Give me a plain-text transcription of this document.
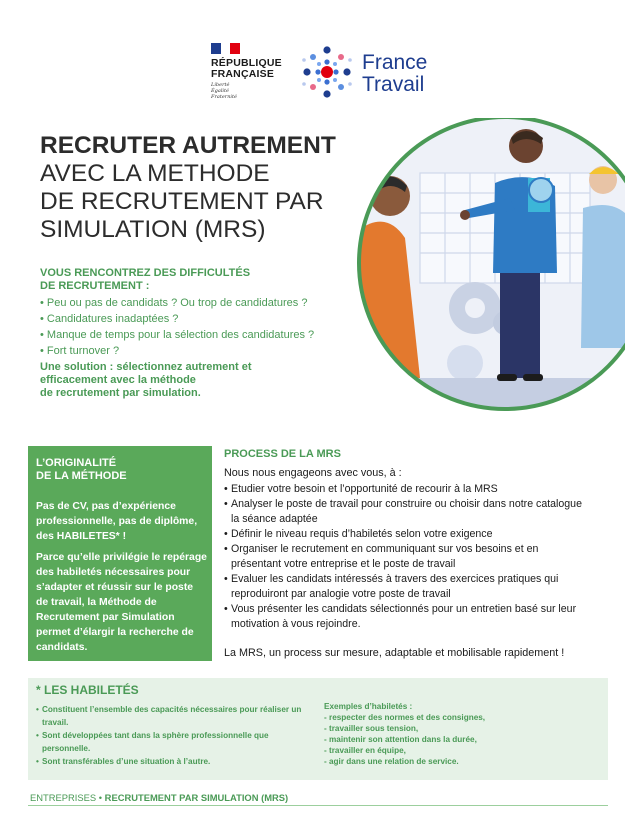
RÉPUBLIQUE
FRANÇAISE
Liberté
Égalité
Fraternité
France
Travail
RECRUTER AUTREMENT
AVEC LA METHODE
DE RECRUTEMENT PAR
SIMULATION (MRS)
VOUS RENCONTREZ DES DIFFICULTÉS
DE RECRUTEMENT :
• Peu ou pas de candidats ? Ou trop de candidatures ?
• Candidatures inadaptées ?
• Manque de temps pour la sélection des candidatures ?
• Fort turnover ?
Une solution : sélectionnez autrement et
efficacement avec la méthode
de recrutement par simulation.
L’ORIGINALITÉ
DE LA MÉTHODE
Pas de CV, pas d’expérience professionnelle, pas de diplôme, des HABILETES* !
Parce qu’elle privilégie le repérage des habiletés nécessaires pour s’adapter et réussir sur le poste de travail, la Méthode de Recrutement par Simulation permet d’élargir la recherche de candidats.
PROCESS DE LA MRS
Nous nous engageons avec vous, à :
• Etudier votre besoin et l’opportunité de recourir à la MRS
• Analyser le poste de travail pour construire ou choisir dans notre catalogue la séance adaptée
• Définir le niveau requis d’habiletés selon votre exigence
• Organiser le recrutement en communiquant sur vos besoins et en présentant votre entreprise et le poste de travail
• Evaluer les candidats intéressés à travers des exercices pratiques qui reproduiront par analogie votre poste de travail
• Vous présenter les candidats sélectionnés pour un entretien basé sur leur motivation à vous rejoindre.
La MRS, un process sur mesure, adaptable et mobilisable rapidement !
* LES HABILETÉS
• Constituent l’ensemble des capacités nécessaires pour réaliser un travail.
• Sont développées tant dans la sphère professionnelle que personnelle.
• Sont transférables d’une situation à l’autre.
Exemples d’habiletés :
- respecter des normes et des consignes,
- travailler sous tension,
- maintenir son attention dans la durée,
- travailler en équipe,
- agir dans une relation de service.
ENTREPRISES • RECRUTEMENT PAR SIMULATION (MRS)
